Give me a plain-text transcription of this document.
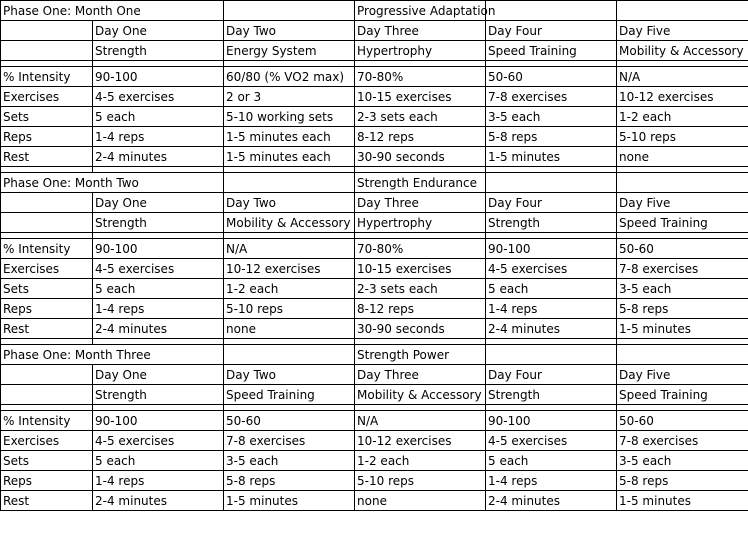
Phase One: Month One			Progressive Adaptation		
	Day One	Day Two	Day Three	Day Four	Day Five
	Strength	Energy System	Hypertrophy	Speed Training	Mobility & Accessory

% Intensity	90-100	60/80 (% VO2 max)	70-80%	50-60	N/A
Exercises	4-5 exercises	2 or 3	10-15 exercises	7-8 exercises	10-12 exercises
Sets	5 each	5-10 working sets	2-3 sets each	3-5 each	1-2 each
Reps	1-4 reps	1-5 minutes each	8-12 reps	5-8 reps	5-10 reps
Rest	2-4 minutes	1-5 minutes each	30-90 seconds	1-5 minutes	none

Phase One: Month Two			Strength Endurance		
	Day One	Day Two	Day Three	Day Four	Day Five
	Strength	Mobility & Accessory	Hypertrophy	Strength	Speed Training

% Intensity	90-100	N/A	70-80%	90-100	50-60
Exercises	4-5 exercises	10-12 exercises	10-15 exercises	4-5 exercises	7-8 exercises
Sets	5 each	1-2 each	2-3 sets each	5 each	3-5 each
Reps	1-4 reps	5-10 reps	8-12 reps	1-4 reps	5-8 reps
Rest	2-4 minutes	none	30-90 seconds	2-4 minutes	1-5 minutes

Phase One: Month Three			Strength Power		
	Day One	Day Two	Day Three	Day Four	Day Five
	Strength	Speed Training	Mobility & Accessory	Strength	Speed Training

% Intensity	90-100	50-60	N/A	90-100	50-60
Exercises	4-5 exercises	7-8 exercises	10-12 exercises	4-5 exercises	7-8 exercises
Sets	5 each	3-5 each	1-2 each	5 each	3-5 each
Reps	1-4 reps	5-8 reps	5-10 reps	1-4 reps	5-8 reps
Rest	2-4 minutes	1-5 minutes	none	2-4 minutes	1-5 minutes
